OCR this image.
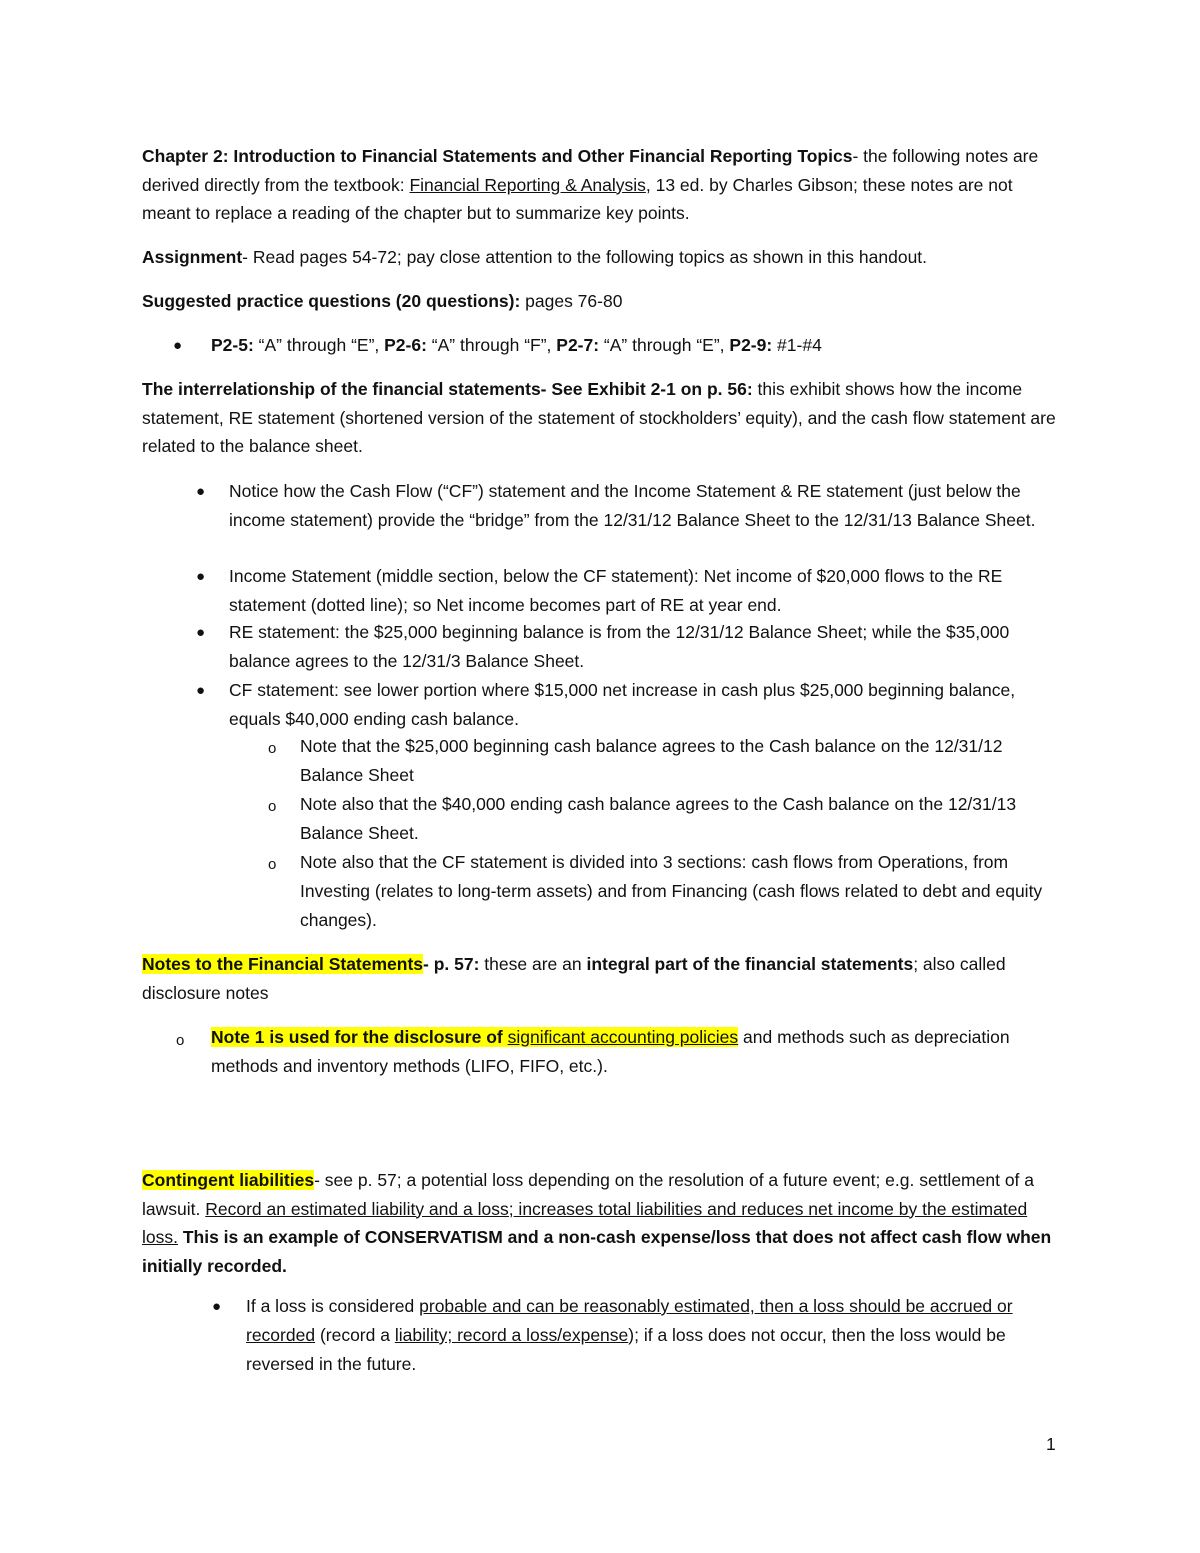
Chapter 2: Introduction to Financial Statements and Other Financial Reporting Topics- the following notes are derived directly from the textbook: Financial Reporting & Analysis, 13 ed. by Charles Gibson; these notes are not meant to replace a reading of the chapter but to summarize key points.

Assignment- Read pages 54-72; pay close attention to the following topics as shown in this handout.

Suggested practice questions (20 questions): pages 76-80

● P2-5: “A” through “E”, P2-6: “A” through “F”, P2-7: “A” through “E”, P2-9: #1-#4

The interrelationship of the financial statements- See Exhibit 2-1 on p. 56: this exhibit shows how the income statement, RE statement (shortened version of the statement of stockholders’ equity), and the cash flow statement are related to the balance sheet.

● Notice how the Cash Flow (“CF”) statement and the Income Statement & RE statement (just below the income statement) provide the “bridge” from the 12/31/12 Balance Sheet to the 12/31/13 Balance Sheet.

● Income Statement (middle section, below the CF statement): Net income of $20,000 flows to the RE statement (dotted line); so Net income becomes part of RE at year end.

● RE statement: the $25,000 beginning balance is from the 12/31/12 Balance Sheet; while the $35,000 balance agrees to the 12/31/3 Balance Sheet.

● CF statement: see lower portion where $15,000 net increase in cash plus $25,000 beginning balance, equals $40,000 ending cash balance.

o Note that the $25,000 beginning cash balance agrees to the Cash balance on the 12/31/12 Balance Sheet

o Note also that the $40,000 ending cash balance agrees to the Cash balance on the 12/31/13 Balance Sheet.

o Note also that the CF statement is divided into 3 sections: cash flows from Operations, from Investing (relates to long-term assets) and from Financing (cash flows related to debt and equity changes).

Notes to the Financial Statements- p. 57: these are an integral part of the financial statements; also called disclosure notes

o Note 1 is used for the disclosure of significant accounting policies and methods such as depreciation methods and inventory methods (LIFO, FIFO, etc.).

Contingent liabilities- see p. 57; a potential loss depending on the resolution of a future event; e.g. settlement of a lawsuit. Record an estimated liability and a loss; increases total liabilities and reduces net income by the estimated loss. This is an example of CONSERVATISM and a non-cash expense/loss that does not affect cash flow when initially recorded.

● If a loss is considered probable and can be reasonably estimated, then a loss should be accrued or recorded (record a liability; record a loss/expense); if a loss does not occur, then the loss would be reversed in the future.

1
